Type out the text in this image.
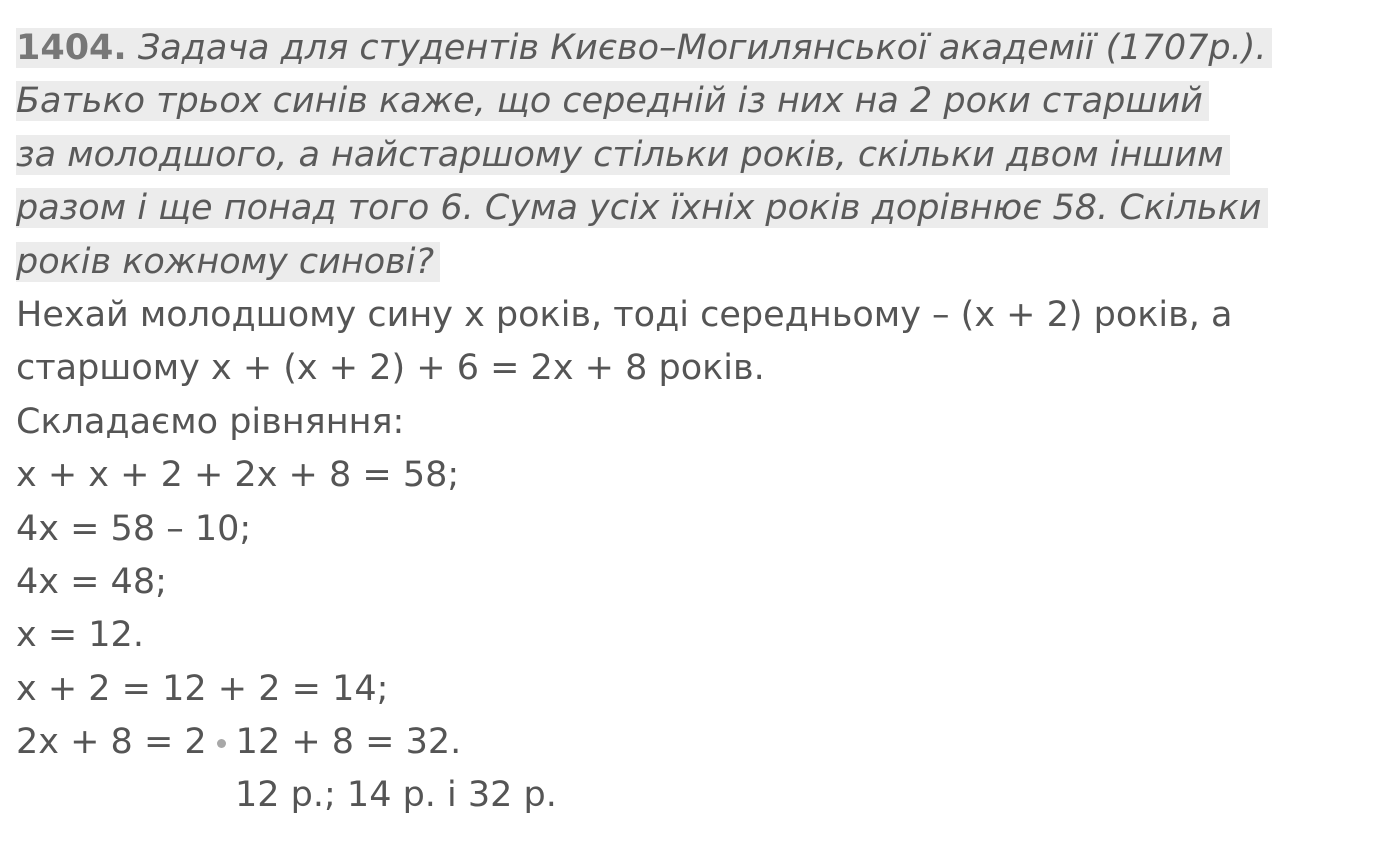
1404. Задача для студентів Києво–Могилянської академії (1707р.).
Батько трьох синів каже, що середній із них на 2 роки старший
за молодшого, а найстаршому стільки років, скільки двом іншим
разом і ще понад того 6. Сума усіх їхніх років дорівнює 58. Скільки
років кожному синові?
Нехай молодшому сину x років, тоді середньому – (x + 2) років, а
старшому x + (x + 2) + 6 = 2x + 8 років.
Складаємо рівняння:
x + x + 2 + 2x + 8 = 58;
4x = 58 – 10;
4x = 48;
x = 12.
x + 2 = 12 + 2 = 14;
2x + 8 = 2 12 + 8 = 32.
12 р.; 14 р. і 32 р.
